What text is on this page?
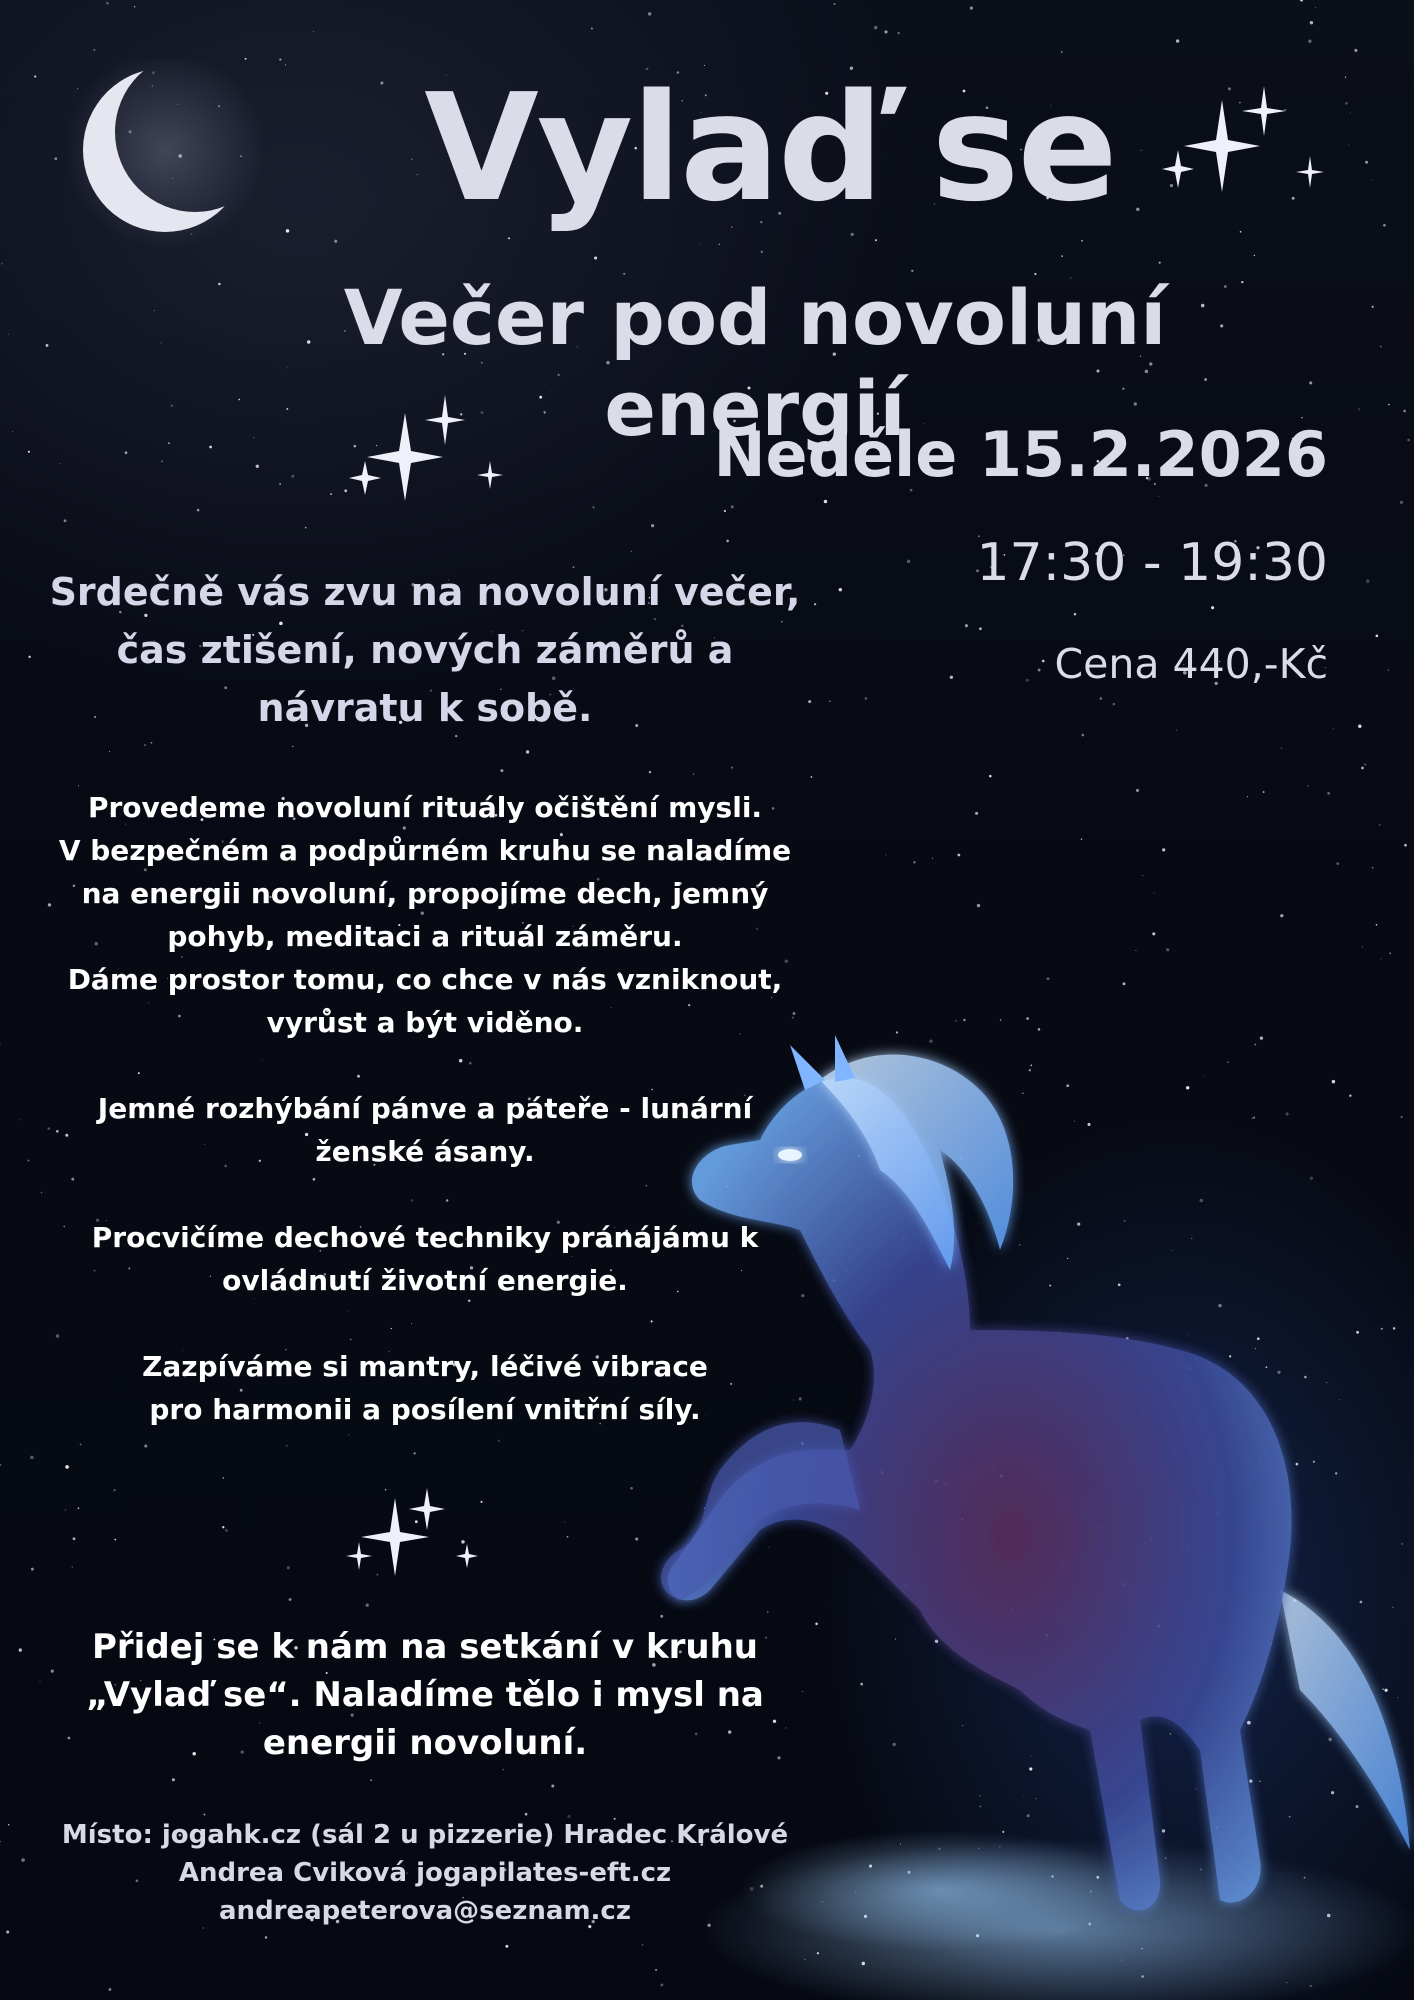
Vylaď se
Večer pod novoluní energií
Neděle 15.2.2026
17:30 - 19:30
Cena 440,-Kč
Srdečně vás zvu na novoluní večer, čas ztišení, nových záměrů a návratu k sobě.

Provedeme novoluní rituály očištění mysli.
V bezpečném a podpůrném kruhu se naladíme
na energii novoluní, propojíme dech, jemný
pohyb, meditaci a rituál záměru.
Dáme prostor tomu, co chce v nás vzniknout,
vyrůst a být viděno.

Jemné rozhýbání pánve a páteře - lunární
ženské ásany.

Procvičíme dechové techniky pránájámu k
ovládnutí životní energie.

Zazpíváme si mantry, léčivé vibrace
pro harmonii a posílení vnitřní síly.

Přidej se k nám na setkání v kruhu
„Vylaď se“. Naladíme tělo i mysl na
energii novoluní.
Místo: jogahk.cz (sál 2 u pizzerie) Hradec Králové
Andrea Cviková jogapilates-eft.cz
andreapeterova@seznam.cz
